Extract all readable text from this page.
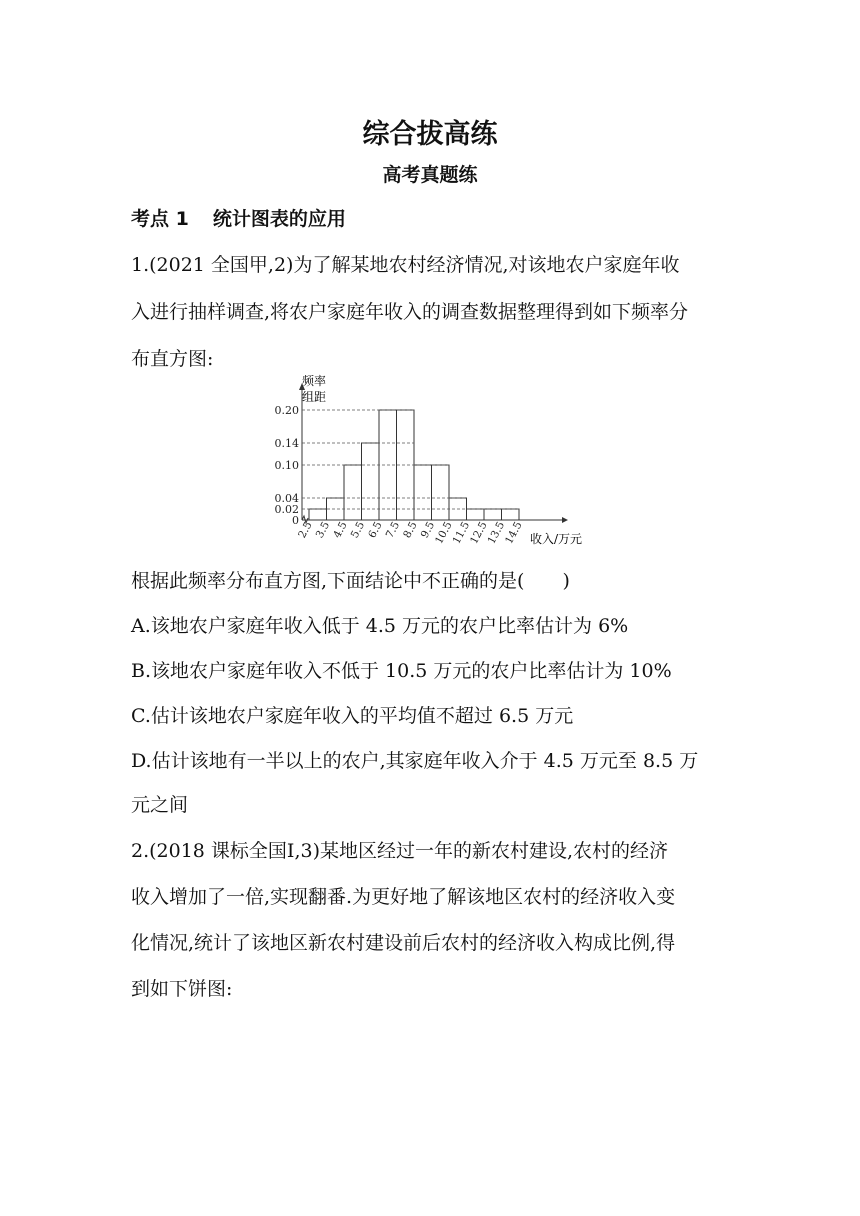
综合拔高练
高考真题练
考点 1 统计图表的应用
1.(2021 全国甲,2)为了解某地农村经济情况,对该地农户家庭年收
入进行抽样调查,将农户家庭年收入的调查数据整理得到如下频率分
布直方图:
0
0.02
0.04
0.10
0.14
0.20
2.5 3.5 4.5 5.5 6.5 7.5 8.5 9.5
10.5
11.5
12.5
13.5
14.5
频率
组距
收入/万元
根据此频率分布直方图,下面结论中不正确的是(　　)
A.该地农户家庭年收入低于 4.5 万元的农户比率估计为 6%
B.该地农户家庭年收入不低于 10.5 万元的农户比率估计为 10%
C.估计该地农户家庭年收入的平均值不超过 6.5 万元
D.估计该地有一半以上的农户,其家庭年收入介于 4.5 万元至 8.5 万
元之间
2.(2018 课标全国Ⅰ,3)某地区经过一年的新农村建设,农村的经济
收入增加了一倍,实现翻番.为更好地了解该地区农村的经济收入变
化情况,统计了该地区新农村建设前后农村的经济收入构成比例,得
到如下饼图:
